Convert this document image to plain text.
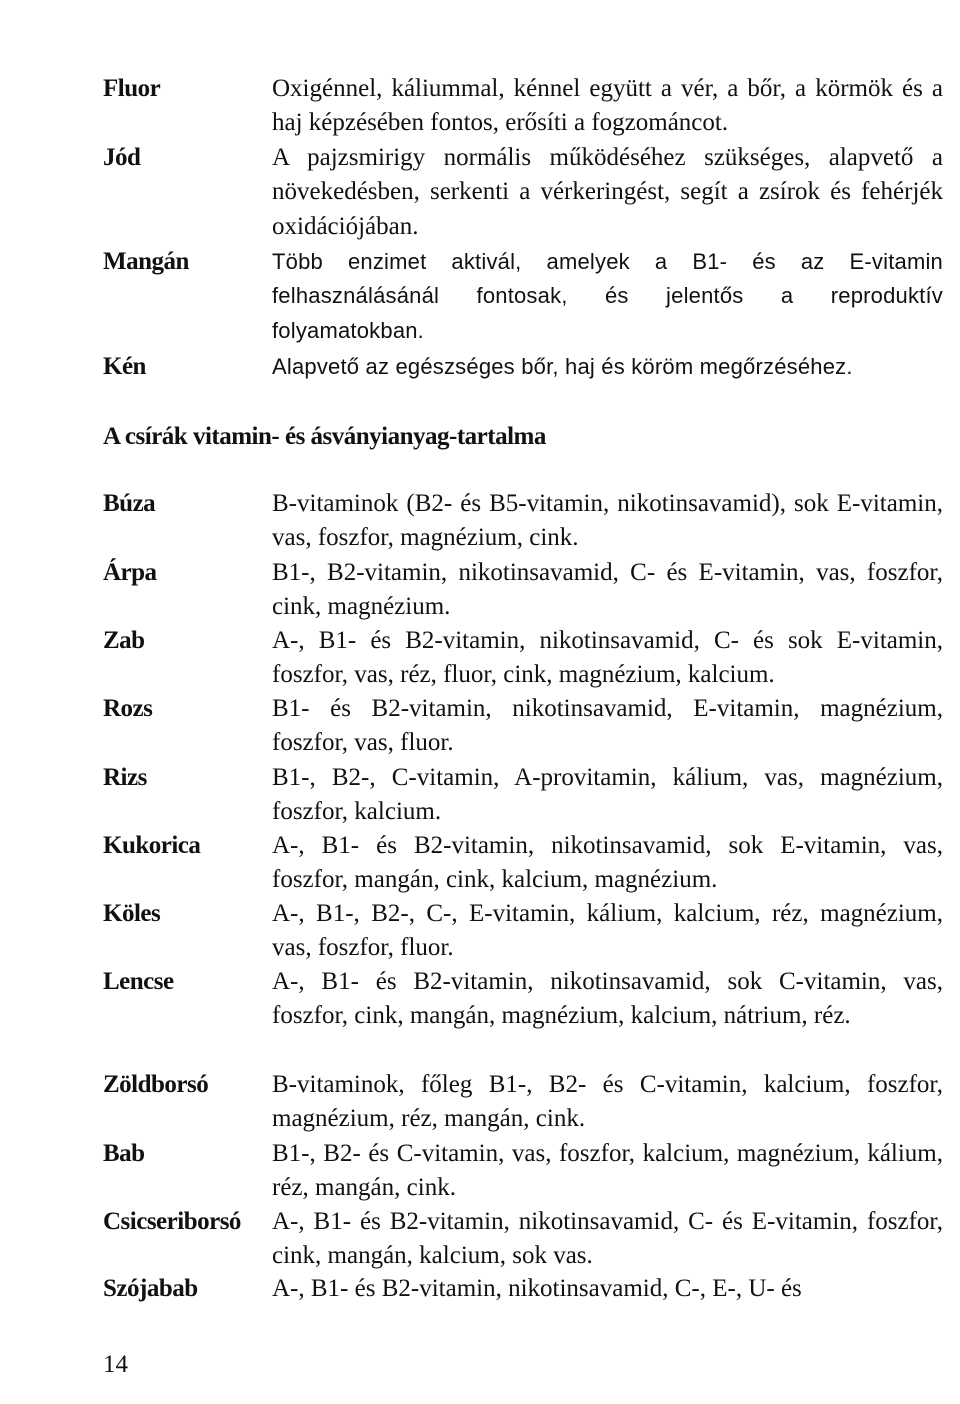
Fluor	Oxigénnel, káliummal, kénnel együtt a vér, a bőr, a körmök és a haj képzésében fontos, erősíti a fogzománcot.
Jód	A pajzsmirigy normális működéséhez szükséges, alapvető a növekedésben, serkenti a vérkeringést, segít a zsírok és fehérjék oxidációjában.
Mangán	Több enzimet aktivál, amelyek a B1- és az E-vitamin felhasználásánál fontosak, és jelentős a reproduktív folyamatokban.
Kén	Alapvető az egészséges bőr, haj és köröm megőrzéséhez.
A csírák vitamin- és ásványianyag-tartalma
Búza	B-vitaminok (B2- és B5-vitamin, nikotinsavamid), sok E-vitamin, vas, foszfor, magnézium, cink.
Árpa	B1-, B2-vitamin, nikotinsavamid, C- és E-vitamin, vas, foszfor, cink, magnézium.
Zab	A-, B1- és B2-vitamin, nikotinsavamid, C- és sok E-vitamin, foszfor, vas, réz, fluor, cink, magnézium, kalcium.
Rozs	B1- és B2-vitamin, nikotinsavamid, E-vitamin, magnézium, foszfor, vas, fluor.
Rizs	B1-, B2-, C-vitamin, A-provitamin, kálium, vas, magnézium, foszfor, kalcium.
Kukorica	A-, B1- és B2-vitamin, nikotinsavamid, sok E-vitamin, vas, foszfor, mangán, cink, kalcium, magnézium.
Köles	A-, B1-, B2-, C-, E-vitamin, kálium, kalcium, réz, magnézium, vas, foszfor, fluor.
Lencse	A-, B1- és B2-vitamin, nikotinsavamid, sok C-vitamin, vas, foszfor, cink, mangán, magnézium, kalcium, nátrium, réz.
Zöldborsó	B-vitaminok, főleg B1-, B2- és C-vitamin, kalcium, foszfor, magnézium, réz, mangán, cink.
Bab	B1-, B2- és C-vitamin, vas, foszfor, kalcium, magnézium, kálium, réz, mangán, cink.
Csicseriborsó A-, B1- és B2-vitamin, nikotinsavamid, C- és E-vitamin, foszfor, cink, mangán, kalcium, sok vas.
Szójabab	A-, B1- és B2-vitamin, nikotinsavamid, C-, E-, U- és
14
